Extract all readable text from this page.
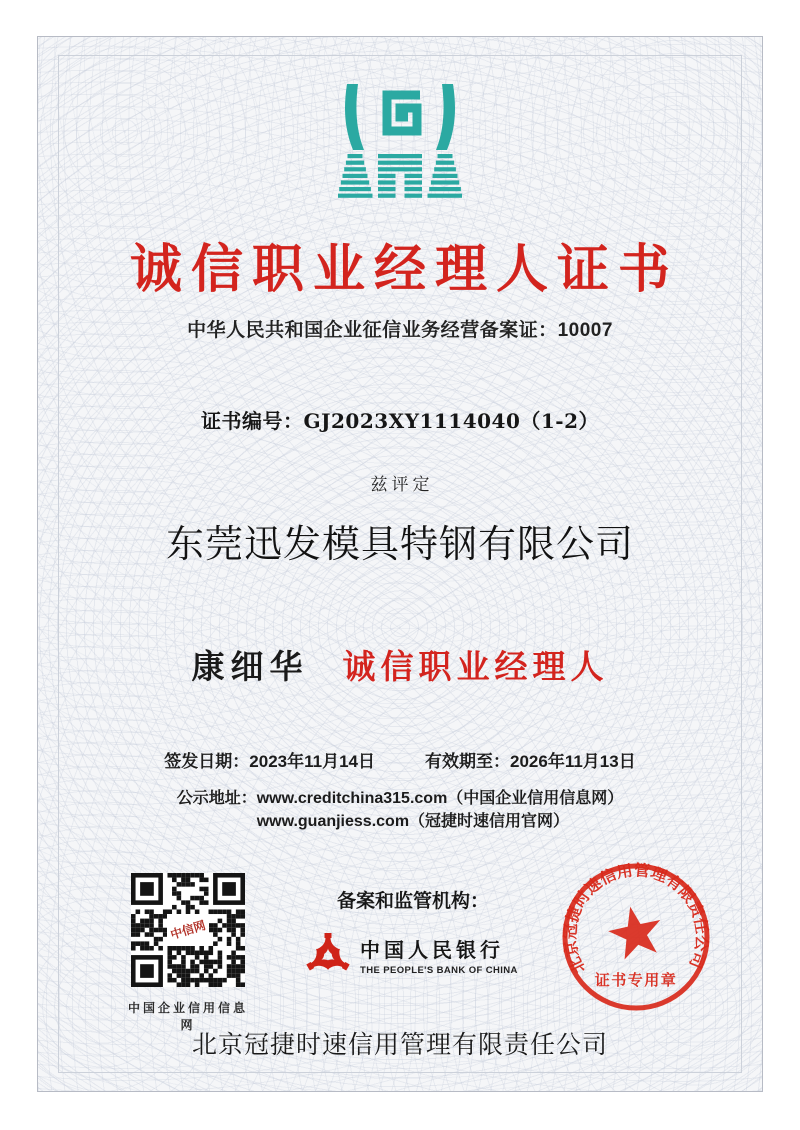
诚信职业经理人证书
中华人民共和国企业征信业务经营备案证：10007
证书编号：GJ2023XY1114040（1-2）
兹评定
东莞迅发模具特钢有限公司
康细华 诚信职业经理人
签发日期：2023年11月14日	有效期至：2026年11月13日
公示地址： www.creditchina315.com（中国企业信用信息网）
www.guanjiess.com（冠捷时速信用官网）
中信网
中国企业信用信息网
备案和监管机构：
中国人民银行
THE PEOPLE'S BANK OF CHINA	北京冠捷时速信用管理有限责任公司
证书专用章
北京冠捷时速信用管理有限责任公司
